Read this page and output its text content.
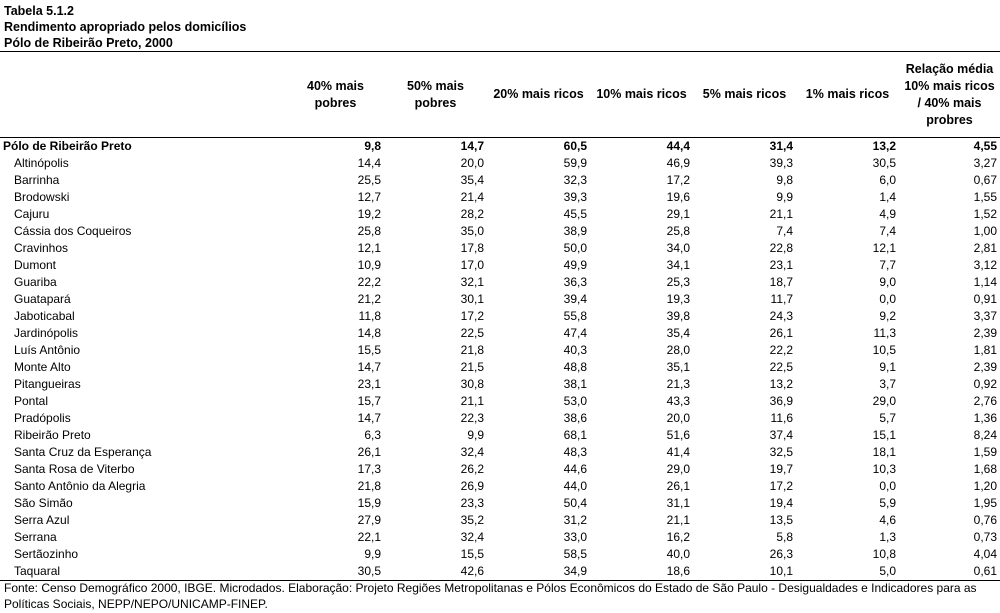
Tabela 5.1.2
Rendimento apropriado pelos domicílios
Pólo de Ribeirão Preto, 2000
	40% mais pobres	50% mais pobres	20% mais ricos	10% mais ricos	5% mais ricos	1% mais ricos	Relação média 10% mais ricos / 40% mais probres
Pólo de Ribeirão Preto	9,8	14,7	60,5	44,4	31,4	13,2	4,55
Altinópolis	14,4	20,0	59,9	46,9	39,3	30,5	3,27
Barrinha	25,5	35,4	32,3	17,2	9,8	6,0	0,67
Brodowski	12,7	21,4	39,3	19,6	9,9	1,4	1,55
Cajuru	19,2	28,2	45,5	29,1	21,1	4,9	1,52
Cássia dos Coqueiros	25,8	35,0	38,9	25,8	7,4	7,4	1,00
Cravinhos	12,1	17,8	50,0	34,0	22,8	12,1	2,81
Dumont	10,9	17,0	49,9	34,1	23,1	7,7	3,12
Guariba	22,2	32,1	36,3	25,3	18,7	9,0	1,14
Guatapará	21,2	30,1	39,4	19,3	11,7	0,0	0,91
Jaboticabal	11,8	17,2	55,8	39,8	24,3	9,2	3,37
Jardinópolis	14,8	22,5	47,4	35,4	26,1	11,3	2,39
Luís Antônio	15,5	21,8	40,3	28,0	22,2	10,5	1,81
Monte Alto	14,7	21,5	48,8	35,1	22,5	9,1	2,39
Pitangueiras	23,1	30,8	38,1	21,3	13,2	3,7	0,92
Pontal	15,7	21,1	53,0	43,3	36,9	29,0	2,76
Pradópolis	14,7	22,3	38,6	20,0	11,6	5,7	1,36
Ribeirão Preto	6,3	9,9	68,1	51,6	37,4	15,1	8,24
Santa Cruz da Esperança	26,1	32,4	48,3	41,4	32,5	18,1	1,59
Santa Rosa de Viterbo	17,3	26,2	44,6	29,0	19,7	10,3	1,68
Santo Antônio da Alegria	21,8	26,9	44,0	26,1	17,2	0,0	1,20
São Simão	15,9	23,3	50,4	31,1	19,4	5,9	1,95
Serra Azul	27,9	35,2	31,2	21,1	13,5	4,6	0,76
Serrana	22,1	32,4	33,0	16,2	5,8	1,3	0,73
Sertãozinho	9,9	15,5	58,5	40,0	26,3	10,8	4,04
Taquaral	30,5	42,6	34,9	18,6	10,1	5,0	0,61
Fonte: Censo Demográfico 2000, IBGE. Microdados. Elaboração: Projeto Regiões Metropolitanas e Pólos Econômicos do Estado de São Paulo - Desigualdades e Indicadores para as Políticas Sociais, NEPP/NEPO/UNICAMP-FINEP.
